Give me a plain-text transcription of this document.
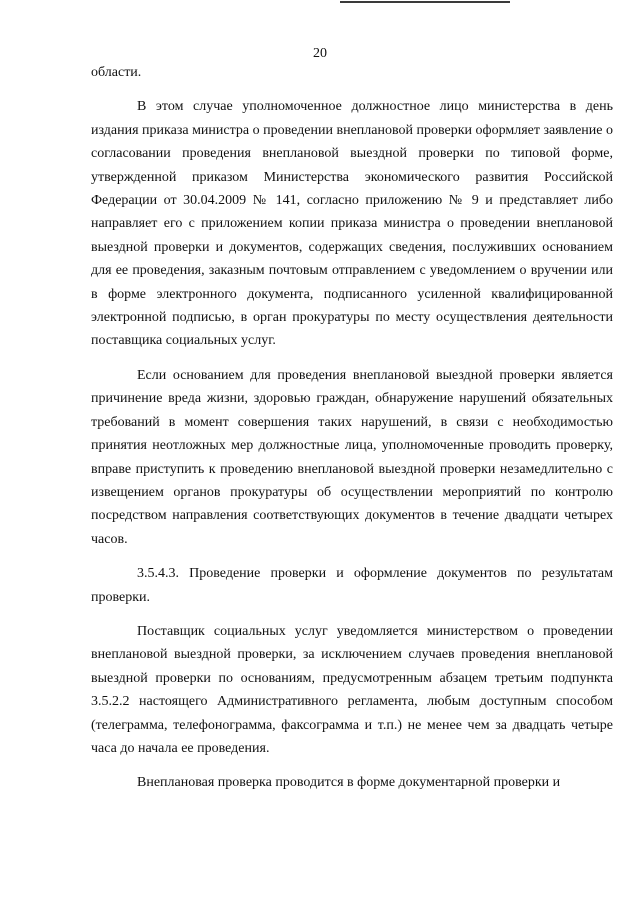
20

области.

В этом случае уполномоченное должностное лицо министерства в день издания приказа министра о проведении внеплановой проверки оформляет заявление о согласовании проведения внеплановой выездной проверки по типовой форме, утвержденной приказом Министерства экономического развития Российской Федерации от 30.04.2009 № 141, согласно приложению № 9 и представляет либо направляет его с приложением копии приказа министра о проведении внеплановой выездной проверки и документов, содержащих сведения, послуживших основанием для ее проведения, заказным почтовым отправлением с уведомлением о вручении или в форме электронного документа, подписанного усиленной квалифицированной электронной подписью, в орган прокуратуры по месту осуществления деятельности поставщика социальных услуг.

Если основанием для проведения внеплановой выездной проверки является причинение вреда жизни, здоровью граждан, обнаружение нарушений обязательных требований в момент совершения таких нарушений, в связи с необходимостью принятия неотложных мер должностные лица, уполномоченные проводить проверку, вправе приступить к проведению внеплановой выездной проверки незамедлительно с извещением органов прокуратуры об осуществлении мероприятий по контролю посредством направления соответствующих документов в течение двадцати четырех часов.

3.5.4.3. Проведение проверки и оформление документов по результатам проверки.

Поставщик социальных услуг уведомляется министерством о проведении внеплановой выездной проверки, за исключением случаев проведения внеплановой выездной проверки по основаниям, предусмотренным абзацем третьим подпункта 3.5.2.2 настоящего Административного регламента, любым доступным способом (телеграмма, телефонограмма, факсограмма и т.п.) не менее чем за двадцать четыре часа до начала ее проведения.

Внеплановая проверка проводится в форме документарной проверки и
